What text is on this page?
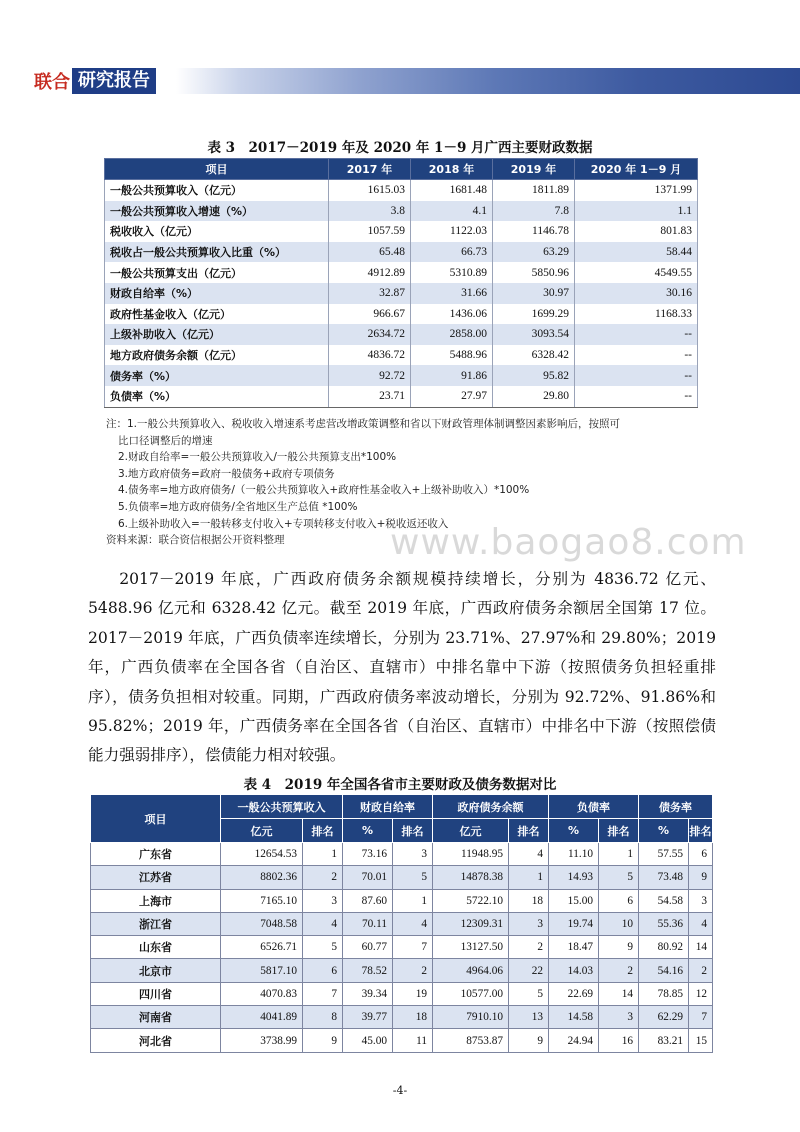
联合 研究报告
表 3　2017－2019 年及 2020 年 1－9 月广西主要财政数据
项目	2017 年	2018 年	2019 年	2020 年 1－9 月
一般公共预算收入（亿元）	1615.03	1681.48	1811.89	1371.99
一般公共预算收入增速（%）	3.8	4.1	7.8	1.1
税收收入（亿元）	1057.59	1122.03	1146.78	801.83
税收占一般公共预算收入比重（%）	65.48	66.73	63.29	58.44
一般公共预算支出（亿元）	4912.89	5310.89	5850.96	4549.55
财政自给率（%）	32.87	31.66	30.97	30.16
政府性基金收入（亿元）	966.67	1436.06	1699.29	1168.33
上级补助收入（亿元）	2634.72	2858.00	3093.54	--
地方政府债务余额（亿元）	4836.72	5488.96	6328.42	--
债务率（%）	92.72	91.86	95.82	--
负债率（%）	23.71	27.97	29.80	--
注：1.一般公共预算收入、税收收入增速系考虑营改增政策调整和省以下财政管理体制调整因素影响后，按照可
比口径调整后的增速
2.财政自给率=一般公共预算收入/一般公共预算支出*100%
3.地方政府债务=政府一般债务+政府专项债务
4.债务率=地方政府债务/（一般公共预算收入+政府性基金收入+上级补助收入）*100%
5.负债率=地方政府债务/全省地区生产总值 *100%
6.上级补助收入=一般转移支付收入+专项转移支付收入+税收返还收入
资料来源：联合资信根据公开资料整理	www.baogao8.com
2017－2019 年底，广西政府债务余额规模持续增长，分别为 4836.72 亿元、5488.96 亿元和 6328.42 亿元。截至 2019 年底，广西政府债务余额居全国第 17 位。2017－2019 年底，广西负债率连续增长，分别为 23.71%、27.97%和 29.80%；2019 年，广西负债率在全国各省（自治区、直辖市）中排名靠中下游（按照债务负担轻重排序），债务负担相对较重。同期，广西政府债务率波动增长，分别为 92.72%、91.86%和 95.82%；2019 年，广西债务率在全国各省（自治区、直辖市）中排名中下游（按照偿债能力强弱排序），偿债能力相对较强。
表 4　2019 年全国各省市主要财政及债务数据对比
项目	一般公共预算收入		财政自给率		政府债务余额		负债率		债务率	
	亿元	排名	%	排名	亿元	排名	%	排名	%	排名
广东省	12654.53	1	73.16	3	11948.95	4	11.10	1	57.55	6
江苏省	8802.36	2	70.01	5	14878.38	1	14.93	5	73.48	9
上海市	7165.10	3	87.60	1	5722.10	18	15.00	6	54.58	3
浙江省	7048.58	4	70.11	4	12309.31	3	19.74	10	55.36	4
山东省	6526.71	5	60.77	7	13127.50	2	18.47	9	80.92	14
北京市	5817.10	6	78.52	2	4964.06	22	14.03	2	54.16	2
四川省	4070.83	7	39.34	19	10577.00	5	22.69	14	78.85	12
河南省	4041.89	8	39.77	18	7910.10	13	14.58	3	62.29	7
河北省	3738.99	9	45.00	11	8753.87	9	24.94	16	83.21	15
-4-
